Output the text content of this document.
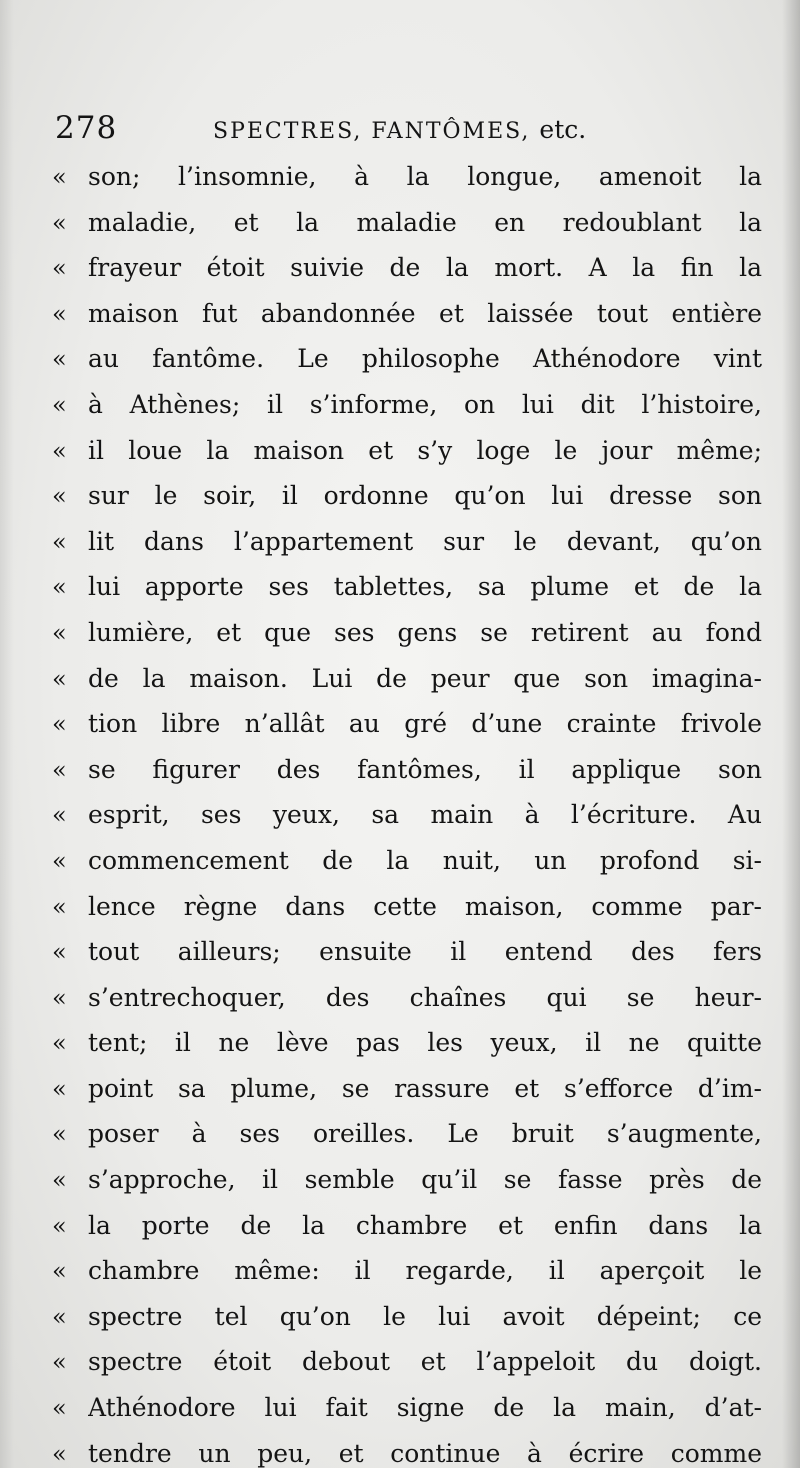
278	SPECTRES, FANTÔMES, etc.
« son; l’insomnie, à la longue, amenoit la
« maladie, et la maladie en redoublant la
« frayeur étoit suivie de la mort. A la fin la
« maison fut abandonnée et laissée tout entière
« au fantôme. Le philosophe Athénodore vint
« à Athènes; il s’informe, on lui dit l’histoire,
« il loue la maison et s’y loge le jour même;
« sur le soir, il ordonne qu’on lui dresse son
« lit dans l’appartement sur le devant, qu’on
« lui apporte ses tablettes, sa plume et de la
« lumière, et que ses gens se retirent au fond
« de la maison. Lui de peur que son imagina-
« tion libre n’allât au gré d’une crainte frivole
« se figurer des fantômes, il applique son
« esprit, ses yeux, sa main à l’écriture. Au
« commencement de la nuit, un profond si-
« lence règne dans cette maison, comme par-
« tout ailleurs; ensuite il entend des fers
« s’entrechoquer, des chaînes qui se heur-
« tent; il ne lève pas les yeux, il ne quitte
« point sa plume, se rassure et s’efforce d’im-
« poser à ses oreilles. Le bruit s’augmente,
« s’approche, il semble qu’il se fasse près de
« la porte de la chambre et enfin dans la
« chambre même: il regarde, il aperçoit le
« spectre tel qu’on le lui avoit dépeint; ce
« spectre étoit debout et l’appeloit du doigt.
« Athénodore lui fait signe de la main, d’at-
« tendre un peu, et continue à écrire comme
